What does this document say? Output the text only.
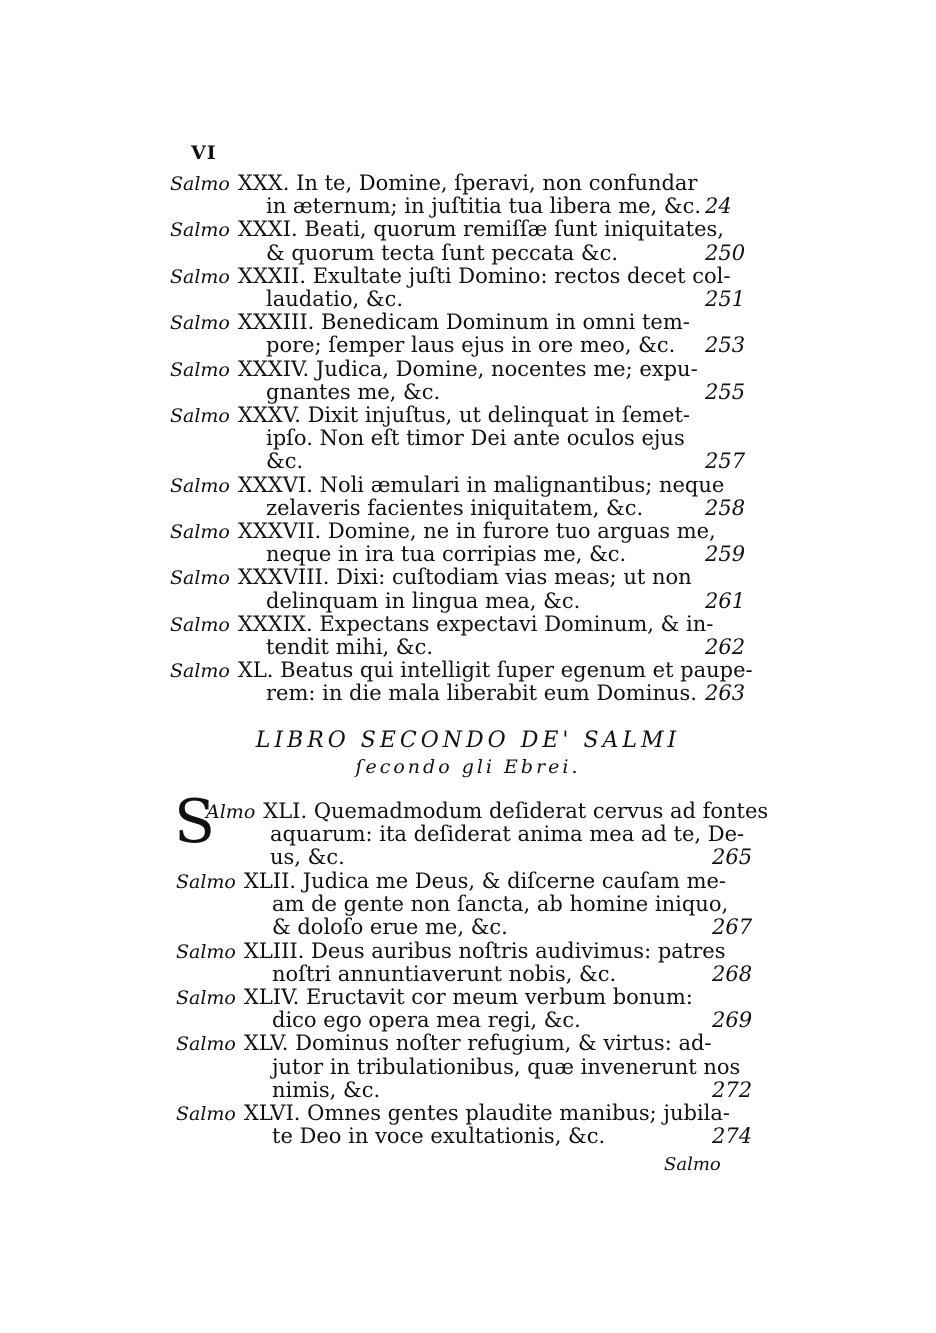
VI
Salmo XXX. In te, Domine, ſperavi, non confundar
in æternum; in juſtitia tua libera me, &c. 24
Salmo XXXI. Beati, quorum remiſſæ ſunt iniquitates,
& quorum tecta ſunt peccata &c.	250
Salmo XXXII. Exultate juſti Domino: rectos decet col-
laudatio, &c.	251
Salmo XXXIII. Benedicam Dominum in omni tem-
pore; ſemper laus ejus in ore meo, &c. 253
Salmo XXXIV. Judica, Domine, nocentes me; expu-
gnantes me, &c.	255
Salmo XXXV. Dixit injuſtus, ut delinquat in ſemet-
ipſo. Non eſt timor Dei ante oculos ejus
&c.	257
Salmo XXXVI. Noli æmulari in malignantibus; neque
zelaveris facientes iniquitatem, &c.	258
Salmo XXXVII. Domine, ne in furore tuo arguas me,
neque in ira tua corripias me, &c.	259
Salmo XXXVIII. Dixi: cuſtodiam vias meas; ut non
delinquam in lingua mea, &c.	261
Salmo XXXIX. Expectans expectavi Dominum, & in-
tendit mihi, &c.	262
Salmo XL. Beatus qui intelligit ſuper egenum et paupe-
rem: in die mala liberabit eum Dominus. 263
LIBRO SECONDO DE' SALMI
ſecondo gli Ebrei.
S
Almo XLI. Quemadmodum deſiderat cervus ad fontes
aquarum: ita deſiderat anima mea ad te, De-
us, &c.	265
Salmo XLII. Judica me Deus, & diſcerne cauſam me-
am de gente non ſancta, ab homine iniquo,
& doloſo erue me, &c.	267
Salmo XLIII. Deus auribus noſtris audivimus: patres
noſtri annuntiaverunt nobis, &c.	268
Salmo XLIV. Eructavit cor meum verbum bonum:
dico ego opera mea regi, &c.	269
Salmo XLV. Dominus noſter refugium, & virtus: ad-
jutor in tribulationibus, quæ invenerunt nos
nimis, &c.	272
Salmo XLVI. Omnes gentes plaudite manibus; jubila-
te Deo in voce exultationis, &c.	274
Salmo
